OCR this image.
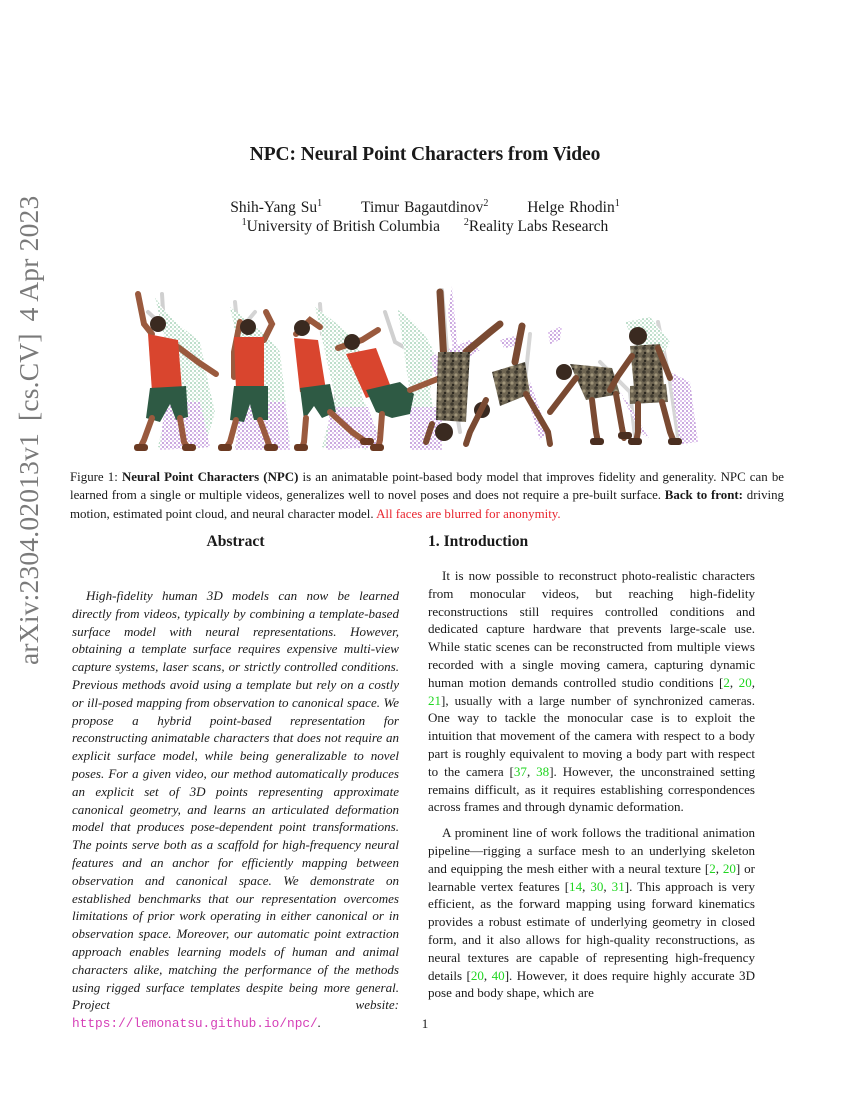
NPC: Neural Point Characters from Video
Shih-Yang Su$^1$	Timur Bagautdinov$^2$	Helge Rhodin$^1$
$^1$University of British Columbia $^2$Reality Labs Research
arXiv:2304.02013v1[cs.CV]4 Apr 2023
Figure 1: Neural Point Characters (NPC) is an animatable point-based body model that improves fidelity and generality. NPC can be learned from a single or multiple videos, generalizes well to novel poses and does not require a pre-built surface. Back to front: driving motion, estimated point cloud, and neural character model. All faces are blurred for anonymity.
Abstract

High-fidelity human 3D models can now be learned directly from videos, typically by combining a template-based surface model with neural representations. However, obtaining a template surface requires expensive multi-view capture systems, laser scans, or strictly controlled conditions. Previous methods avoid using a template but rely on a costly or ill-posed mapping from observation to canonical space. We propose a hybrid point-based representation for reconstructing animatable characters that does not require an explicit surface model, while being generalizable to novel poses. For a given video, our method automatically produces an explicit set of 3D points representing approximate canonical geometry, and learns an articulated deformation model that produces pose-dependent point transformations. The points serve both as a scaffold for high-frequency neural features and an anchor for efficiently mapping between observation and canonical space. We demonstrate on established benchmarks that our representation overcomes limitations of prior work operating in either canonical or in observation space. Moreover, our automatic point extraction approach enables learning models of human and animal characters alike, matching the performance of the methods using rigged surface templates despite being more general. Project website: https://lemonatsu.github.io/npc/.

1. Introduction

It is now possible to reconstruct photo-realistic characters from monocular videos, but reaching high-fidelity reconstructions still requires controlled conditions and dedicated capture hardware that prevents large-scale use. While static scenes can be reconstructed from multiple views recorded with a single moving camera, capturing dynamic human motion demands controlled studio conditions [2, 20, 21], usually with a large number of synchronized cameras. One way to tackle the monocular case is to exploit the intuition that movement of the camera with respect to a body part is roughly equivalent to moving a body part with respect to the camera [37, 38]. However, the unconstrained setting remains difficult, as it requires establishing correspondences across frames and through dynamic deformation.

A prominent line of work follows the traditional animation pipeline—rigging a surface mesh to an underlying skeleton and equipping the mesh either with a neural texture [2, 20] or learnable vertex features [14, 30, 31]. This approach is very efficient, as the forward mapping using forward kinematics provides a robust estimate of underlying geometry in closed form, and it also allows for high-quality reconstructions, as neural textures are capable of representing high-frequency details [20, 40]. However, it does require highly accurate 3D pose and body shape, which are

1
